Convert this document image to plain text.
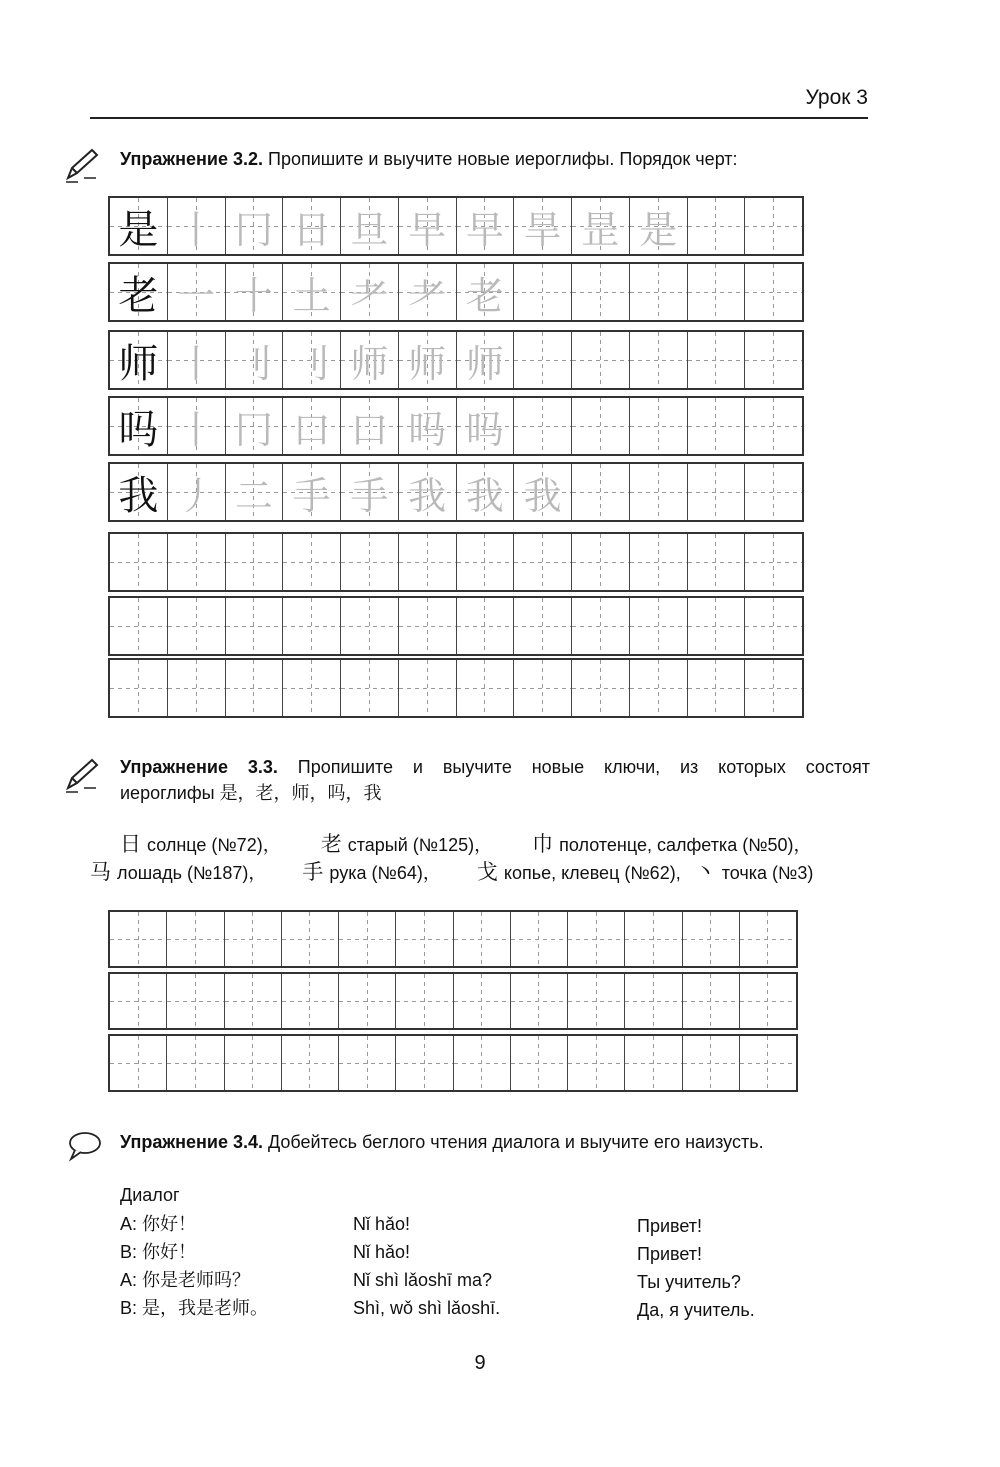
Урок 3
Упражнение 3.2. Пропишите и выучите новые иероглифы. Порядок черт:
是 丨 冂 日 旦 早 早 旱 昰 是
老 一 十 土 耂 耂 老
师 丨 刂 刂 师 师 师
吗 丨 冂 口 口 吗 吗
我 丿 二 手 手 我 我 我
Упражнение 3.3. Пропишите и выучите новые ключи, из которых состоят
иероглифы 是，老，师，吗，我
日 солнце (№72)， 老 старый (№125)， 巾 полотенце, салфетка (№50)，
马 лошадь (№187)， 手 рука (№64)， 戈 копье, клевец (№62), 丶 точка (№3)
Упражнение 3.4. Добейтесь беглого чтения диалога и выучите его наизусть.
Диалог
A: 你好！	Nǐ hǎo!	Привет!
B: 你好！	Nǐ hǎo!	Привет!
A: 你是老师吗？	Nǐ shì lǎoshī ma?	Ты учитель?
B: 是，我是老师。	Shì, wǒ shì lǎoshī.	Да, я учитель.
9
